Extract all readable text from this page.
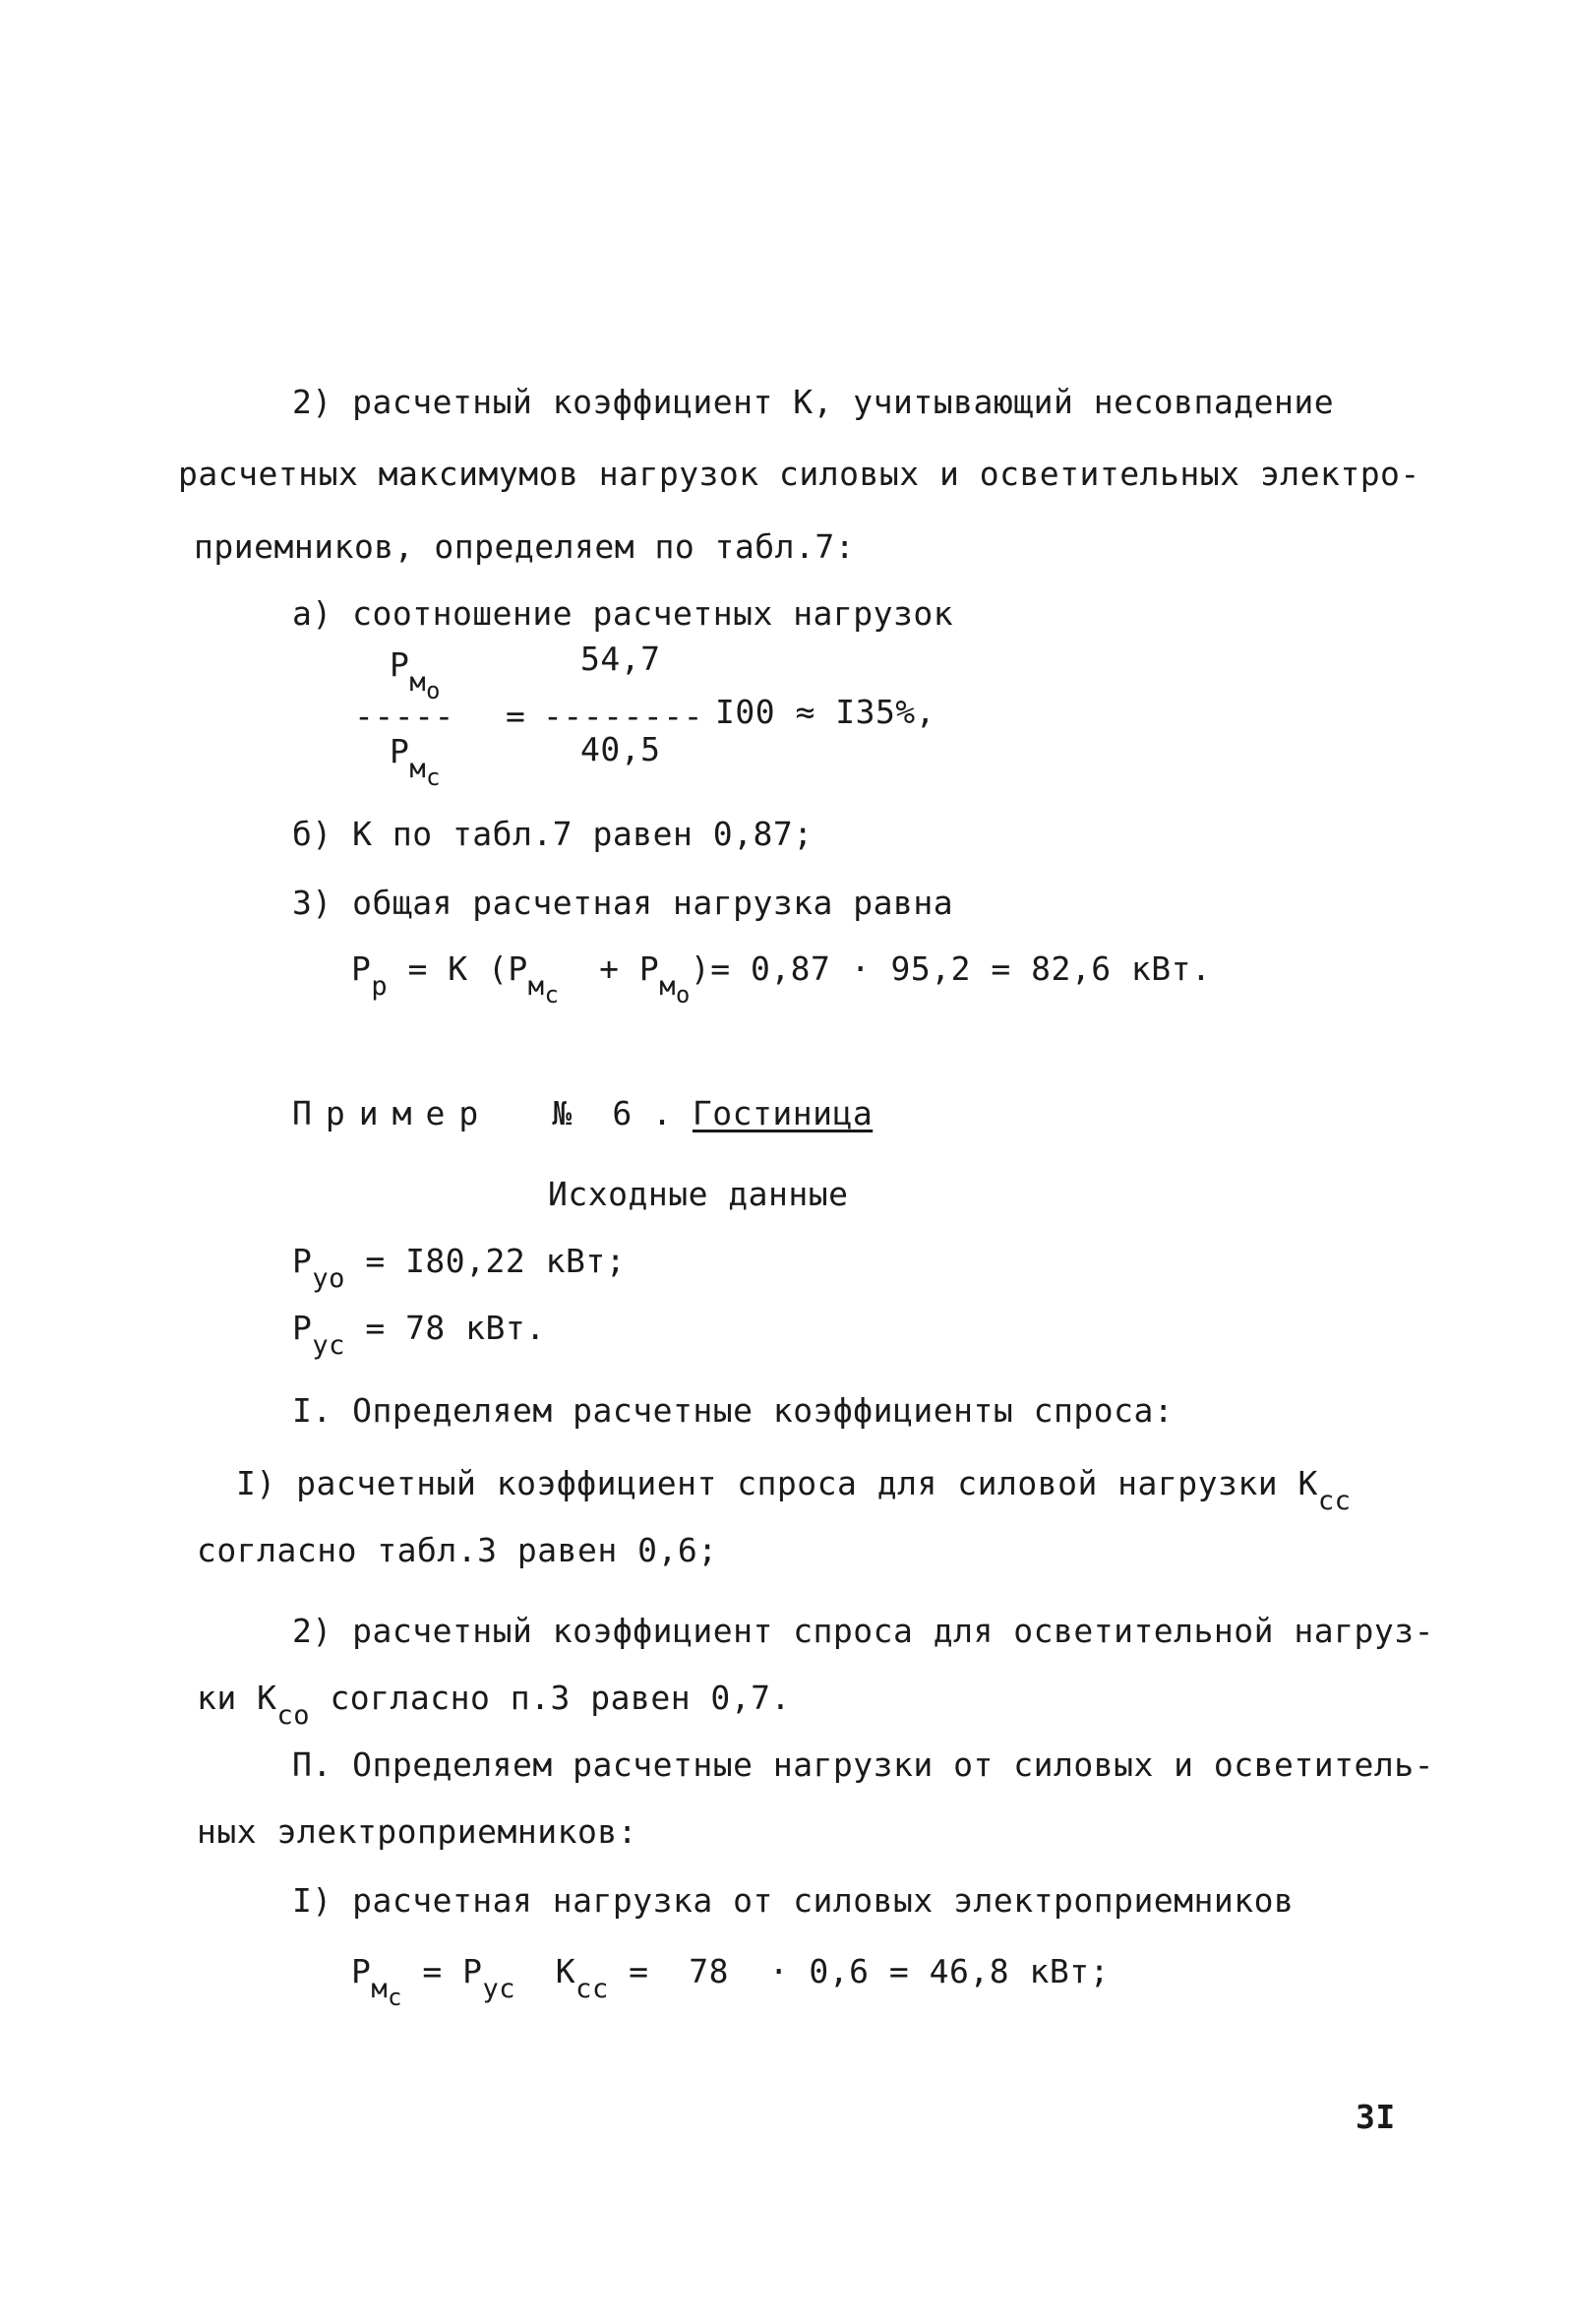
2) расчетный коэффициент К, учитывающий несовпадение
расчетных максимумов нагрузок силовых и осветительных электро-
приемников, определяем по табл.7:
а) соотношение расчетных нагрузок
$Р_{мо}$
54,7
----- = -------- I00 ≈ I35%,
$Р_{мс}$
40,5
б) К по табл.7 равен 0,87;
3) общая расчетная нагрузка равна
$Р_р = К$ $(Р_{мс} + Р_{мо})= 0,87 \cdot 95,2 = 82,6$ кВт.
Пример №  6 . Гостиница
Исходные данные
$Р_{уо} = I80,22$ кВт;
$Р_{ус} = 78$ кВт.
I. Определяем расчетные коэффициенты спроса:
I) расчетный коэффициент спроса для силовой нагрузки $К_{сс}$
согласно табл.3 равен 0,6;
2) расчетный коэффициент спроса для осветительной нагруз-
ки $К_{со}$ согласно п.3 равен 0,7.
П. Определяем расчетные нагрузки от силовых и осветитель-
ных электроприемников:
I) расчетная нагрузка от силовых электроприемников
$Р_{мс} = Р_{ус}$ $К_{сс} = 78 \cdot 0,6 = 46,8$ кВт;
3I
